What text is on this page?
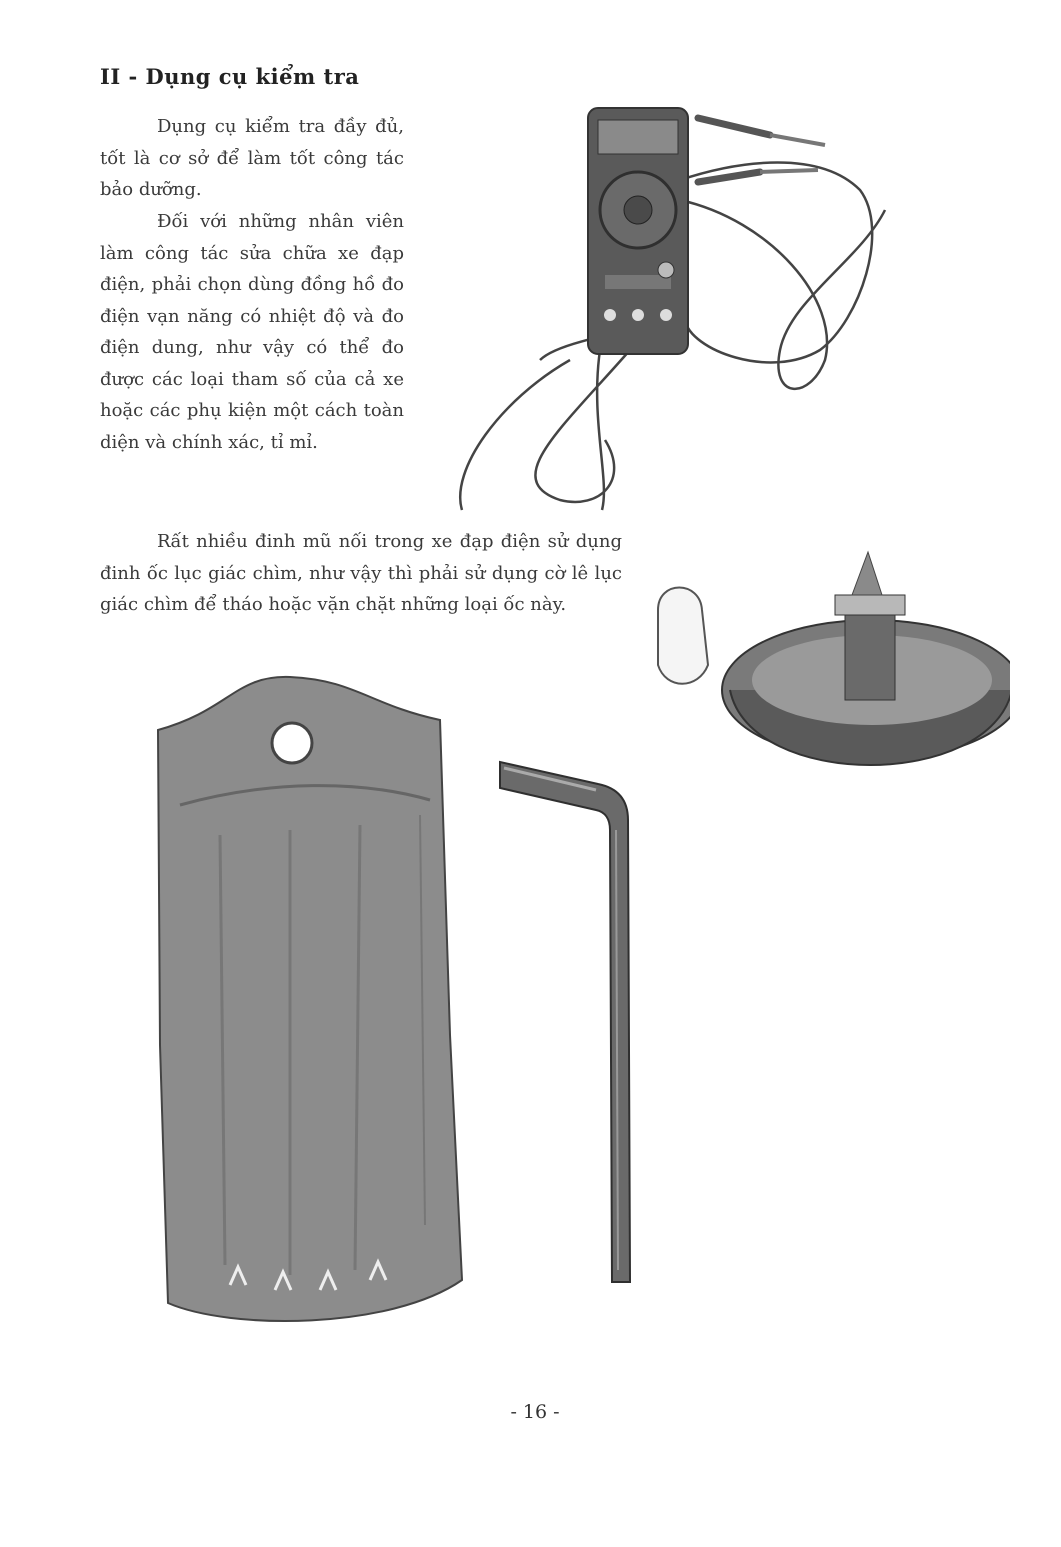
II - Dụng cụ kiểm tra
Dụng cụ kiểm tra đầy đủ, tốt là cơ sở để làm tốt công tác bảo dưỡng.
Đối với những nhân viên làm công tác sửa chữa xe đạp điện, phải chọn dùng đồng hồ đo điện vạn năng có nhiệt độ và đo điện dung, như vậy có thể đo được các loại tham số của cả xe hoặc các phụ kiện một cách toàn diện và chính xác, tỉ mỉ.
Rất nhiều đinh mũ nối trong xe đạp điện sử dụng đinh ốc lục giác chìm, như vậy thì phải sử dụng cờ lê lục giác chìm để tháo hoặc vặn chặt những loại ốc này.
- 16 -
